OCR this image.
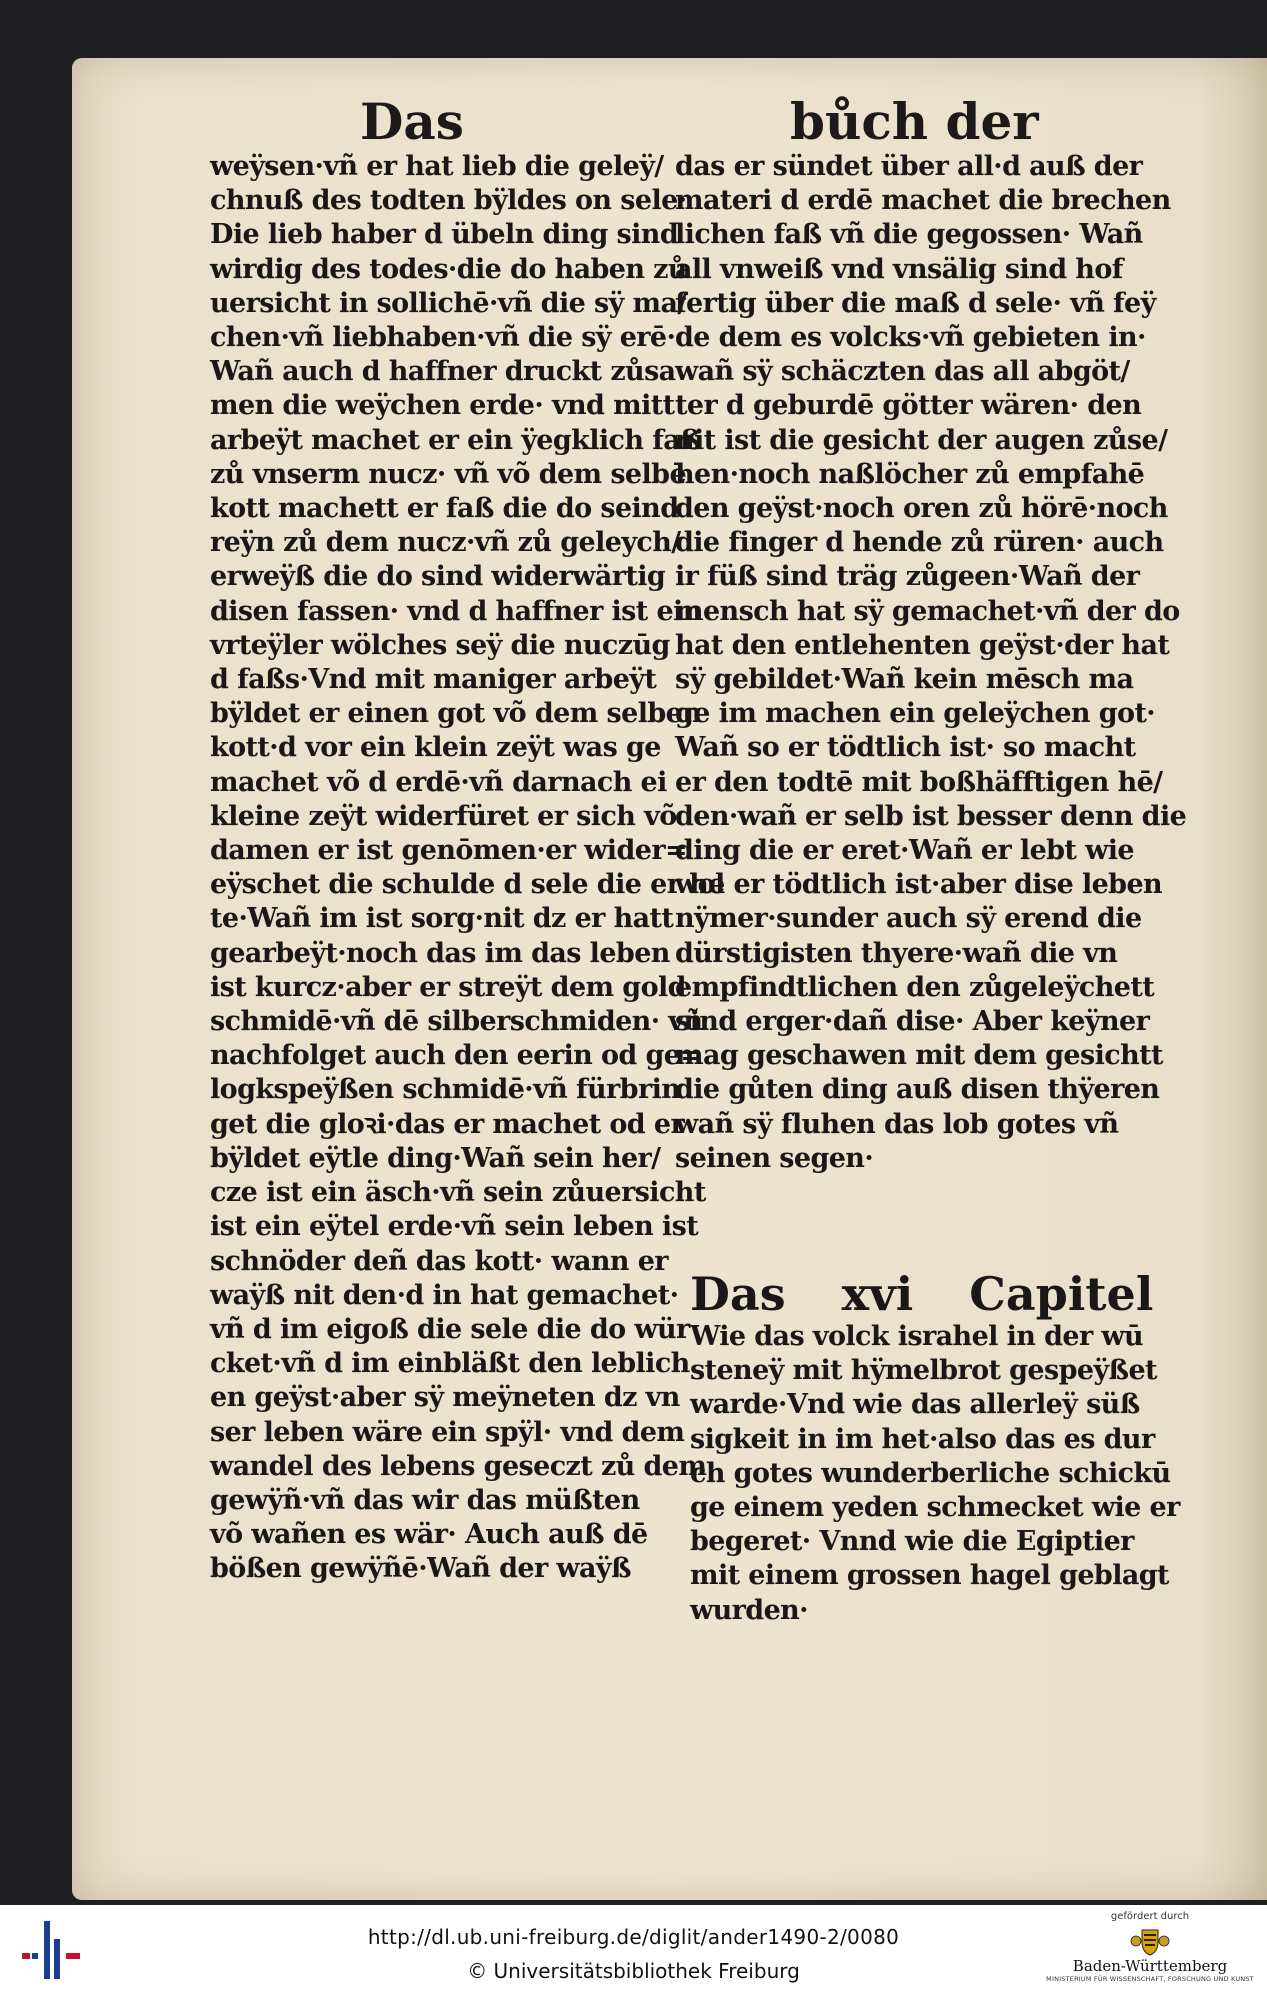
Das	bůch der
weÿsen·vñ er hat lieb die geleÿ/
chnuß des todten bÿldes on sele·
Die lieb haber d übeln ding sind
wirdig des todes·die do haben zů
uersicht in sollichē·vñ die sÿ ma/
chen·vñ liebhaben·vñ die sÿ erē·
Wañ auch d haffner druckt zůsa
men die weÿchen erde· vnd mitt
arbeÿt machet er ein ÿegklich faß
zů vnserm nucz· vñ võ dem selbē
kott machett er faß die do seind
reÿn zů dem nucz·vñ zů geleych/
erweÿß die do sind widerwärtig
disen fassen· vnd d haffner ist ein
vrteÿler wölches seÿ die nuczūg
d faßs·Vnd mit maniger arbeÿt
bÿldet er einen got võ dem selben
kott·d vor ein klein zeÿt was ge
machet võ d erdē·vñ darnach ei
kleine zeÿt widerfüret er sich võ
damen er ist genōmen·er wider=
eÿschet die schulde d sele die er he
te·Wañ im ist sorg·nit dz er hatt
gearbeÿt·noch das im das leben
ist kurcz·aber er streÿt dem gold
schmidē·vñ dē silberschmiden· vñ
nachfolget auch den eerin od ge=
logkspeÿßen schmidē·vñ fürbrin
get die gloꝛi·das er machet od er
bÿldet eÿtle ding·Wañ sein her/
cze ist ein äsch·vñ sein zůuersicht
ist ein eÿtel erde·vñ sein leben ist
schnöder deñ das kott· wann er
waÿß nit den·d in hat gemachet·
vñ d im eigoß die sele die do wür
cket·vñ d im einbläßt den leblich
en geÿst·aber sÿ meÿneten dz vn
ser leben wäre ein spÿl· vnd dem
wandel des lebens geseczt zů dem
gewÿñ·vñ das wir das müßten
võ wañen es wär· Auch auß dē
bößen gewÿñē·Wañ der waÿß
das er sündet über all·d auß der
materi d erdē machet die brechen
lichen faß vñ die gegossen· Wañ
all vnweiß vnd vnsälig sind hof
fertig über die maß d sele· vñ feÿ
de dem es volcks·vñ gebieten in·
wañ sÿ schäczten das all abgöt/
ter d geburdē götter wären· den
nit ist die gesicht der augen zůse/
hen·noch naßlöcher zů empfahē
den geÿst·noch oren zů hörē·noch
die finger d hende zů rüren· auch
ir füß sind träg zůgeen·Wañ der
mensch hat sÿ gemachet·vñ der do
hat den entlehenten geÿst·der hat
sÿ gebildet·Wañ kein mēsch ma
ge im machen ein geleÿchen got·
Wañ so er tödtlich ist· so macht
er den todtē mit boßhäfftigen hē/
den·wañ er selb ist besser denn die
ding die er eret·Wañ er lebt wie
wol er tödtlich ist·aber dise leben
nÿmer·sunder auch sÿ erend die
dürstigisten thyere·wañ die vn
empfindtlichen den zůgeleÿchett
sind erger·dañ dise· Aber keÿner
mag geschawen mit dem gesichtt
die gůten ding auß disen thÿeren
wañ sÿ fluhen das lob gotes vñ
seinen segen·
Das xvi Capitel
Wie das volck israhel in der wū
steneÿ mit hÿmelbrot gespeÿßet
warde·Vnd wie das allerleÿ süß
sigkeit in im het·also das es dur
ch gotes wunderberliche schickū
ge einem yeden schmecket wie er
begeret· Vnnd wie die Egiptier
mit einem grossen hagel geblagt
wurden·
http://dl.ub.uni-freiburg.de/diglit/ander1490-2/0080
© Universitätsbibliothek Freiburg
gefördert durch
Baden-Württemberg
MINISTERIUM FÜR WISSENSCHAFT, FORSCHUNG UND KUNST
